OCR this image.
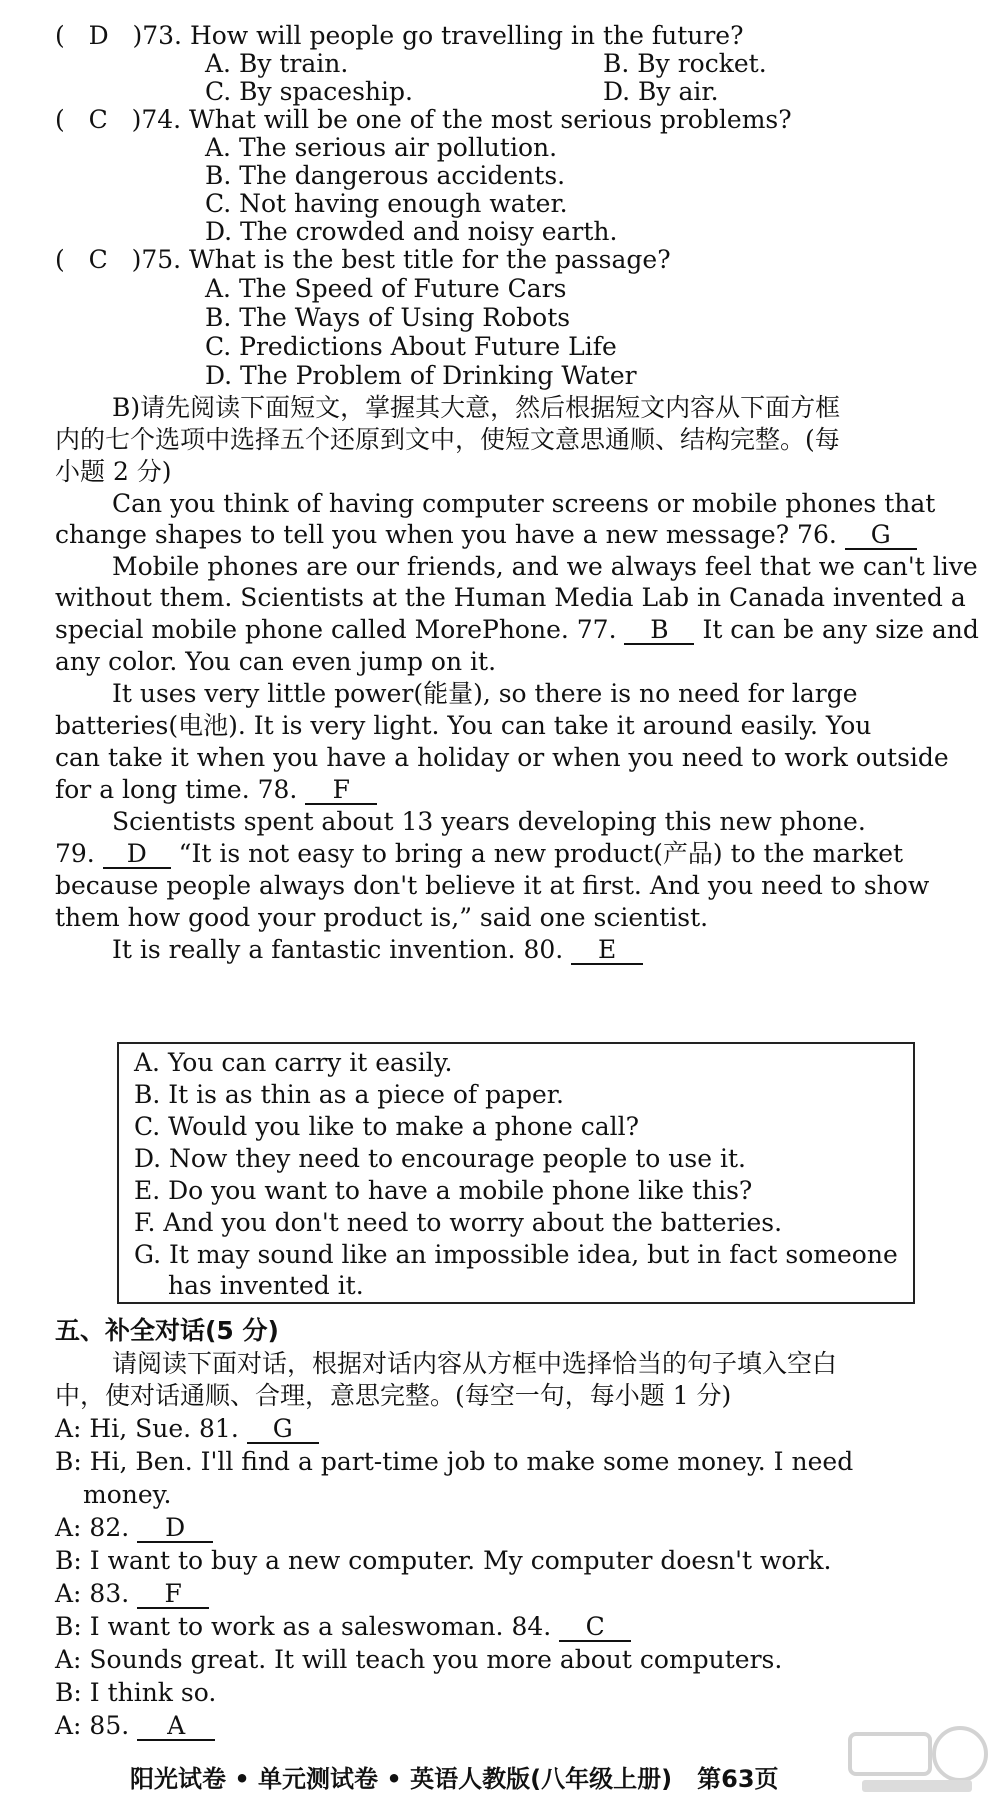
(   D )73. How will people go travelling in the future?
A. By train.	B. By rocket.
C. By spaceship.	D. By air.
(   C )74. What will be one of the most serious problems?
A. The serious air pollution.
B. The dangerous accidents.
C. Not having enough water.
D. The crowded and noisy earth.
(   C )75. What is the best title for the passage?
A. The Speed of Future Cars
B. The Ways of Using Robots
C. Predictions About Future Life
D. The Problem of Drinking Water
B)请先阅读下面短文，掌握其大意，然后根据短文内容从下面方框
内的七个选项中选择五个还原到文中，使短文意思通顺、结构完整。(每
小题 2 分)
Can you think of having computer screens or mobile phones that
change shapes to tell you when you have a new message? 76. G
Mobile phones are our friends, and we always feel that we can't live
without them. Scientists at the Human Media Lab in Canada invented a
special mobile phone called MorePhone. 77. B It can be any size and
any color. You can even jump on it.
It uses very little power(能量), so there is no need for large
batteries(电池). It is very light. You can take it around easily. You
can take it when you have a holiday or when you need to work outside
for a long time. 78. F
Scientists spent about 13 years developing this new phone.
79. D “It is not easy to bring a new product(产品) to the market
because people always don't believe it at first. And you need to show
them how good your product is,” said one scientist.
It is really a fantastic invention. 80. E
A. You can carry it easily.
B. It is as thin as a piece of paper.
C. Would you like to make a phone call?
D. Now they need to encourage people to use it.
E. Do you want to have a mobile phone like this?
F. And you don't need to worry about the batteries.
G. It may sound like an impossible idea, but in fact someone
has invented it.
五、补全对话(5 分)
请阅读下面对话，根据对话内容从方框中选择恰当的句子填入空白
中，使对话通顺、合理，意思完整。(每空一句，每小题 1 分)
A: Hi, Sue. 81. G
B: Hi, Ben. I'll find a part-time job to make some money. I need
money.
A: 82. D
B: I want to buy a new computer. My computer doesn't work.
A: 83. F
B: I want to work as a saleswoman. 84. C
A: Sounds great. It will teach you more about computers.
B: I think so.
A: 85. A
阳光试卷 • 单元测试卷 • 英语人教版(八年级上册) 第63页
